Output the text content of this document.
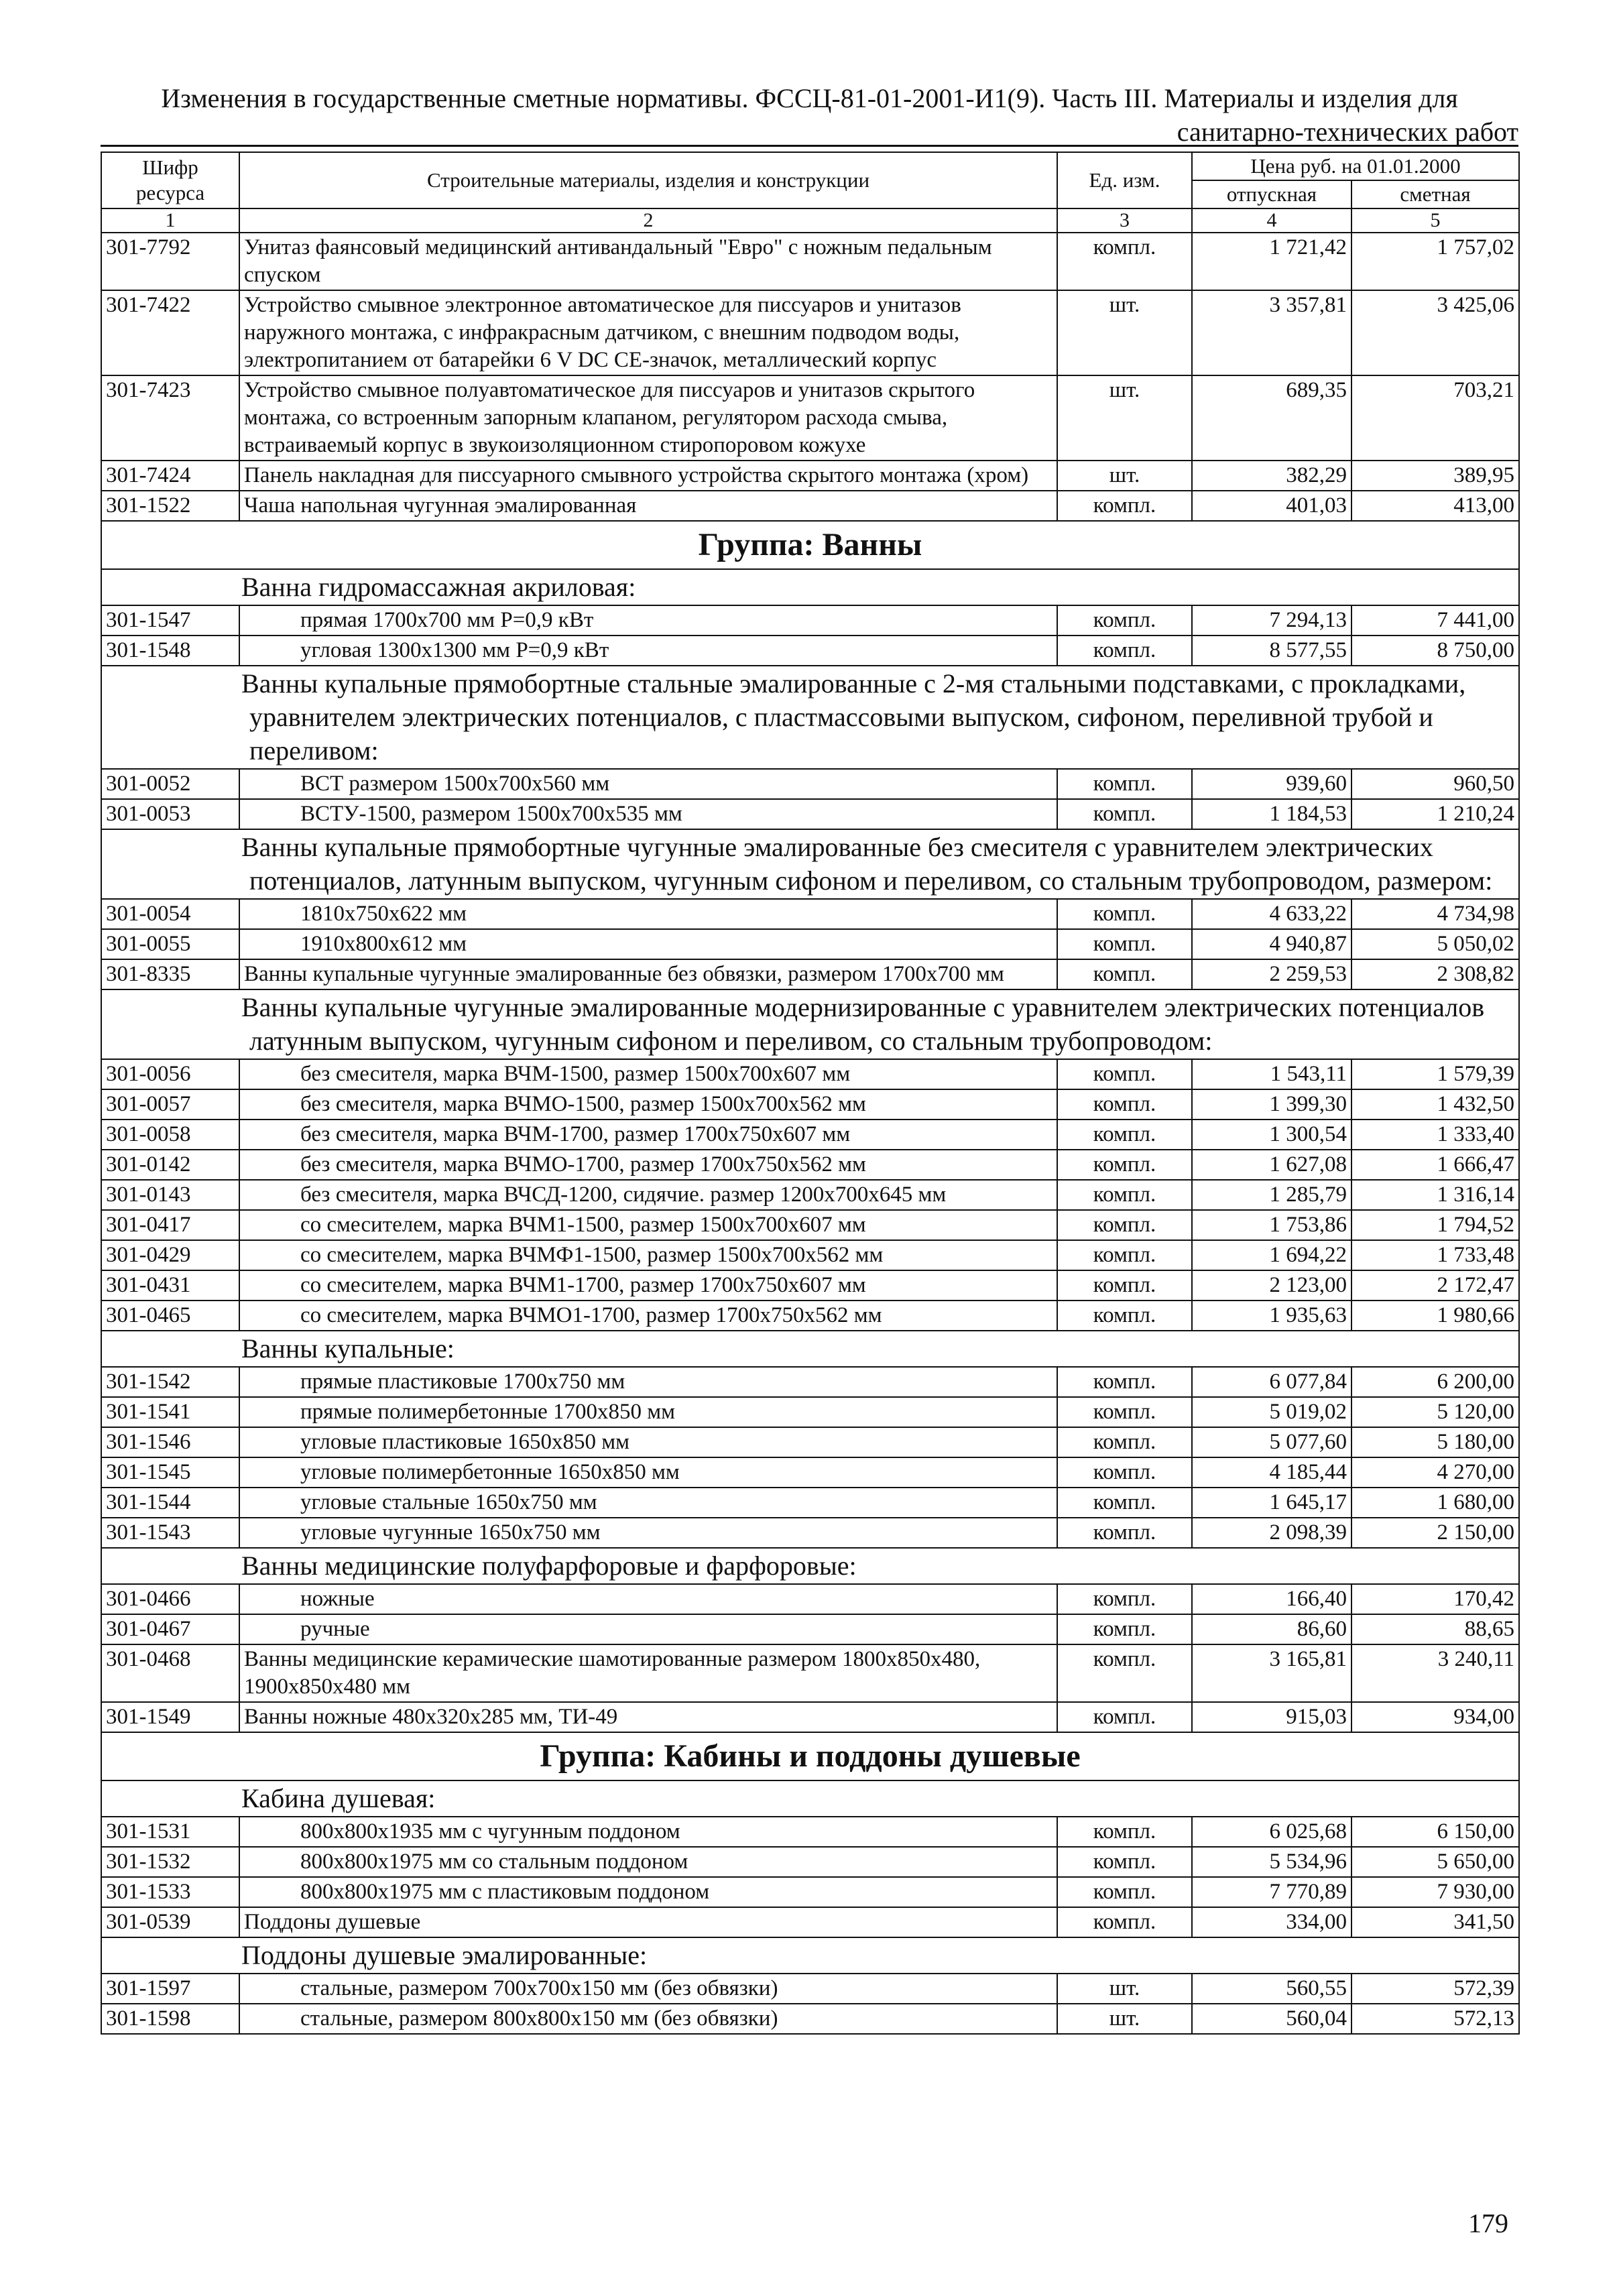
Изменения в государственные сметные нормативы. ФССЦ-81-01-2001-И1(9). Часть III. Материалы и изделия для
санитарно-технических работ
Шифр ресурса	Строительные материалы, изделия и конструкции	Ед. изм.	Цена руб. на 01.01.2000	
			отпускная	сметная
1	2	3	4	5
301-7792	Унитаз фаянсовый медицинский антивандальный "Евро" с ножным педальным спуском	компл.	1 721,42	1 757,02
301-7422	Устройство смывное электронное автоматическое для писсуаров и унитазов наружного монтажа, с инфракрасным датчиком, с внешним подводом воды, электропитанием от батарейки 6 V DC СЕ-значок, металлический корпус	шт.	3 357,81	3 425,06
301-7423	Устройство смывное полуавтоматическое для писсуаров и унитазов скрытого монтажа, со встроенным запорным клапаном, регулятором расхода смыва, встраиваемый корпус в звукоизоляционном стиропоровом кожухе	шт.	689,35	703,21
301-7424	Панель накладная для писсуарного смывного устройства скрытого монтажа (хром)	шт.	382,29	389,95
301-1522	Чаша напольная чугунная эмалированная	компл.	401,03	413,00
Группа: Ванны				
Ванна гидромассажная акриловая:				
301-1547	прямая 1700х700 мм Р=0,9 кВт	компл.	7 294,13	7 441,00
301-1548	угловая 1300х1300 мм Р=0,9 кВт	компл.	8 577,55	8 750,00
Ванны купальные прямобортные стальные эмалированные с 2-мя стальными подставками, с прокладками, уравнителем электрических потенциалов, с пластмассовыми выпуском, сифоном, переливной трубой и переливом:				
301-0052	ВСТ размером 1500х700х560 мм	компл.	939,60	960,50
301-0053	ВСТУ-1500, размером 1500х700х535 мм	компл.	1 184,53	1 210,24
Ванны купальные прямобортные чугунные эмалированные без смесителя с уравнителем электрических потенциалов, латунным выпуском, чугунным сифоном и переливом, со стальным трубопроводом, размером:				
301-0054	1810х750х622 мм	компл.	4 633,22	4 734,98
301-0055	1910х800х612 мм	компл.	4 940,87	5 050,02
301-8335	Ванны купальные чугунные эмалированные без обвязки, размером 1700х700 мм	компл.	2 259,53	2 308,82
Ванны купальные чугунные эмалированные модернизированные с уравнителем электрических потенциалов латунным выпуском, чугунным сифоном и переливом, со стальным трубопроводом:				
301-0056	без смесителя, марка ВЧМ-1500, размер 1500х700х607 мм	компл.	1 543,11	1 579,39
301-0057	без смесителя, марка ВЧМО-1500, размер 1500х700х562 мм	компл.	1 399,30	1 432,50
301-0058	без смесителя, марка ВЧМ-1700, размер 1700х750х607 мм	компл.	1 300,54	1 333,40
301-0142	без смесителя, марка ВЧМО-1700, размер 1700х750х562 мм	компл.	1 627,08	1 666,47
301-0143	без смесителя, марка ВЧСД-1200, сидячие. размер 1200х700х645 мм	компл.	1 285,79	1 316,14
301-0417	со смесителем, марка ВЧМ1-1500, размер 1500х700х607 мм	компл.	1 753,86	1 794,52
301-0429	со смесителем, марка ВЧМФ1-1500, размер 1500х700х562 мм	компл.	1 694,22	1 733,48
301-0431	со смесителем, марка ВЧМ1-1700, размер 1700х750х607 мм	компл.	2 123,00	2 172,47
301-0465	со смесителем, марка ВЧМО1-1700, размер 1700х750х562 мм	компл.	1 935,63	1 980,66
Ванны купальные:				
301-1542	прямые пластиковые 1700х750 мм	компл.	6 077,84	6 200,00
301-1541	прямые полимербетонные 1700х850 мм	компл.	5 019,02	5 120,00
301-1546	угловые пластиковые 1650х850 мм	компл.	5 077,60	5 180,00
301-1545	угловые полимербетонные 1650х850 мм	компл.	4 185,44	4 270,00
301-1544	угловые стальные 1650х750 мм	компл.	1 645,17	1 680,00
301-1543	угловые чугунные 1650х750 мм	компл.	2 098,39	2 150,00
Ванны медицинские полуфарфоровые и фарфоровые:				
301-0466	ножные	компл.	166,40	170,42
301-0467	ручные	компл.	86,60	88,65
301-0468	Ванны медицинские керамические шамотированные размером 1800х850х480, 1900х850х480 мм	компл.	3 165,81	3 240,11
301-1549	Ванны ножные 480х320х285 мм, ТИ-49	компл.	915,03	934,00
Группа: Кабины и поддоны душевые				
Кабина душевая:				
301-1531	800х800х1935 мм с чугунным поддоном	компл.	6 025,68	6 150,00
301-1532	800х800х1975 мм со стальным поддоном	компл.	5 534,96	5 650,00
301-1533	800х800х1975 мм с пластиковым поддоном	компл.	7 770,89	7 930,00
301-0539	Поддоны душевые	компл.	334,00	341,50
Поддоны душевые эмалированные:				
301-1597	стальные, размером 700х700х150 мм (без обвязки)	шт.	560,55	572,39
301-1598	стальные, размером 800х800х150 мм (без обвязки)	шт.	560,04	572,13
179
